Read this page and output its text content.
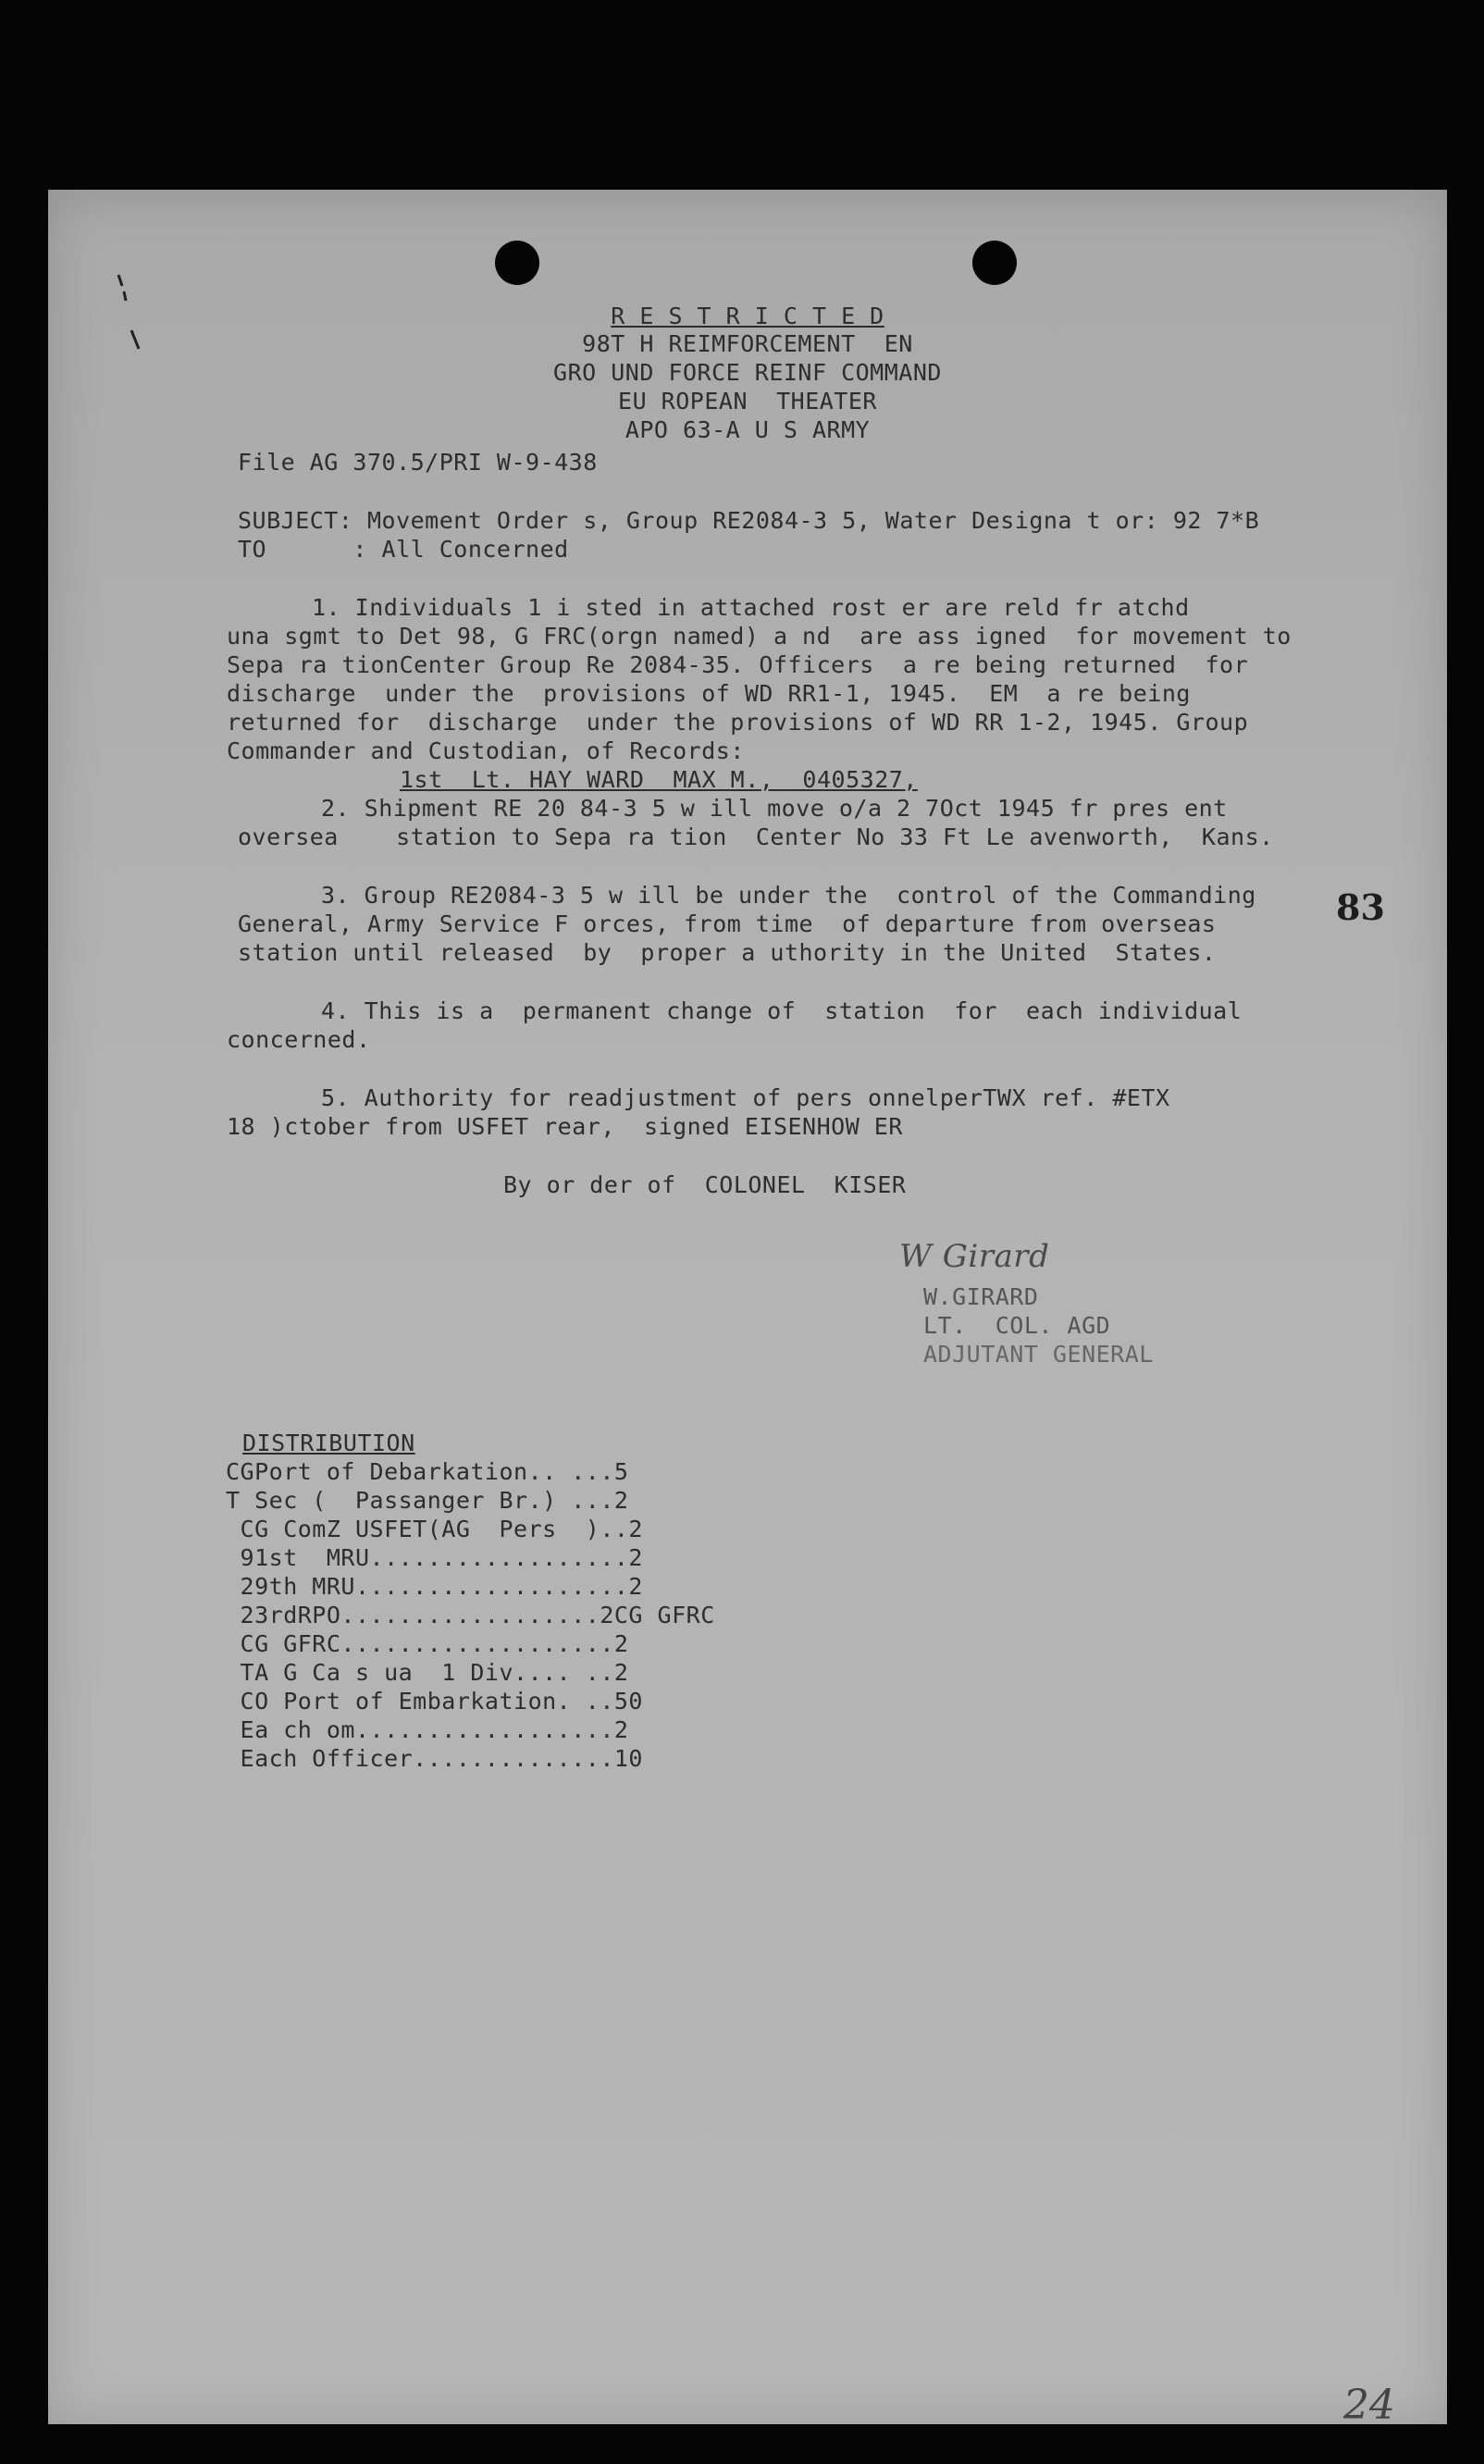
R E S T R I C T E D
98T H REIMFORCEMENT  EN
GRO UND FORCE REINF COMMAND
EU ROPEAN  THEATER
APO 63-A U S ARMY
File AG 370.5/PRI W-9-438
SUBJECT: Movement Order s, Group RE2084-3 5, Water Designa t or: 92 7*B
TO      : All Concerned
1. Individuals 1 i sted in attached rost er are reld fr atchd
una sgmt to Det 98, G FRC(orgn named) a nd  are ass igned  for movement to
Sepa ra tionCenter Group Re 2084-35. Officers  a re being returned  for
discharge  under the  provisions of WD RR1-1, 1945.  EM  a re being
returned for  discharge  under the provisions of WD RR 1-2, 1945. Group
Commander and Custodian, of Records:
1st  Lt. HAY WARD  MAX M.,  0405327,
2. Shipment RE 20 84-3 5 w ill move o/a 2 7Oct 1945 fr pres ent
oversea    station to Sepa ra tion  Center No 33 Ft Le avenworth,  Kans.
3. Group RE2084-3 5 w ill be under the  control of the Commanding
General, Army Service F orces, from time  of departure from overseas
station until released  by  proper a uthority in the United  States.
4. This is a  permanent change of  station  for  each individual
concerned.
5. Authority for readjustment of pers onnelperTWX ref. #ETX
18 )ctober from USFET rear,  signed EISENHOW ER
By or der of  COLONEL  KISER
W Girard
W.GIRARD
LT.  COL. AGD
ADJUTANT GENERAL
DISTRIBUTION
CGPort of Debarkation.. ...5
T Sec (  Passanger Br.) ...2
CG ComZ USFET(AG  Pers  )..2
91st  MRU..................2
29th MRU...................2
23rdRPO..................2CG GFRC
CG GFRC...................2
TA G Ca s ua  1 Div.... ..2
CO Port of Embarkation. ..50
Ea ch om..................2
Each Officer..............10
83
24
